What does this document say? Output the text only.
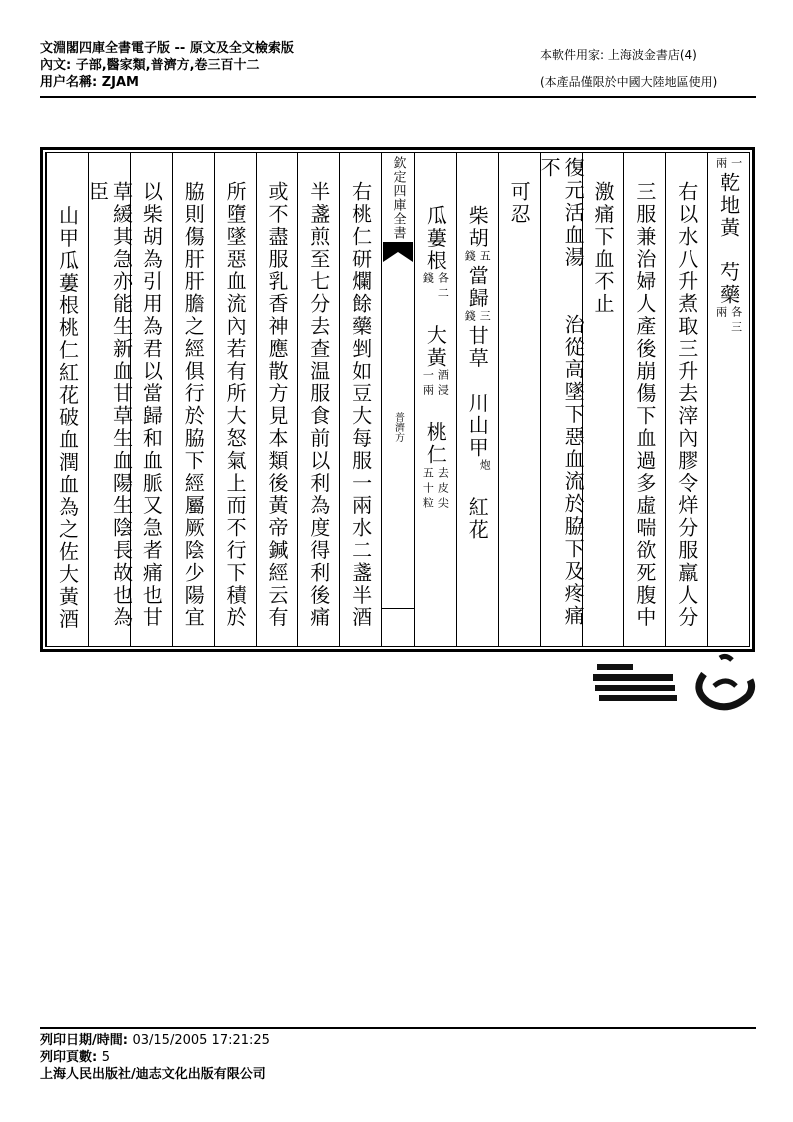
文淵閣四庫全書電子版 -- 原文及全文檢索版
內文: 子部,醫家類,普濟方,卷三百十二
用户名稱: ZJAM
本軟件用家: 上海波金書店(4)
(本產品僅限於中國大陸地區使用)
一
兩
乾地黃　芍藥
各三
兩
右以水八升煮取三升去滓內膠令烊分服羸人分
三服兼治婦人產後崩傷下血過多虛喘欲死腹中
激痛下血不止
復元活血湯　　治從高墜下惡血流於脇下及疼痛不
可忍
柴胡
五
錢
當歸
三
錢
甘草　川山甲
炮
　紅花
瓜蔞根
各二
錢
　大黃
酒浸
一兩
　桃仁
去皮尖
五十粒
欽定四庫全書
普濟方
右桃仁研爛餘藥剉如豆大每服一兩水二盞半酒
半盞煎至七分去查温服食前以利為度得利後痛
或不盡服乳香神應散方見本類後黃帝鍼經云有
所墮墜惡血流內若有所大怒氣上而不行下積於
脇則傷肝肝膽之經俱行於脇下經屬厥陰少陽宜
以柴胡為引用為君以當歸和血脈又急者痛也甘
草緩其急亦能生新血甘草生血陽生陰長故也為臣
山甲瓜蔞根桃仁紅花破血潤血為之佐大黃酒
列印日期/時間: 03/15/2005 17:21:25
列印頁數: 5
上海人民出版社/迪志文化出版有限公司
